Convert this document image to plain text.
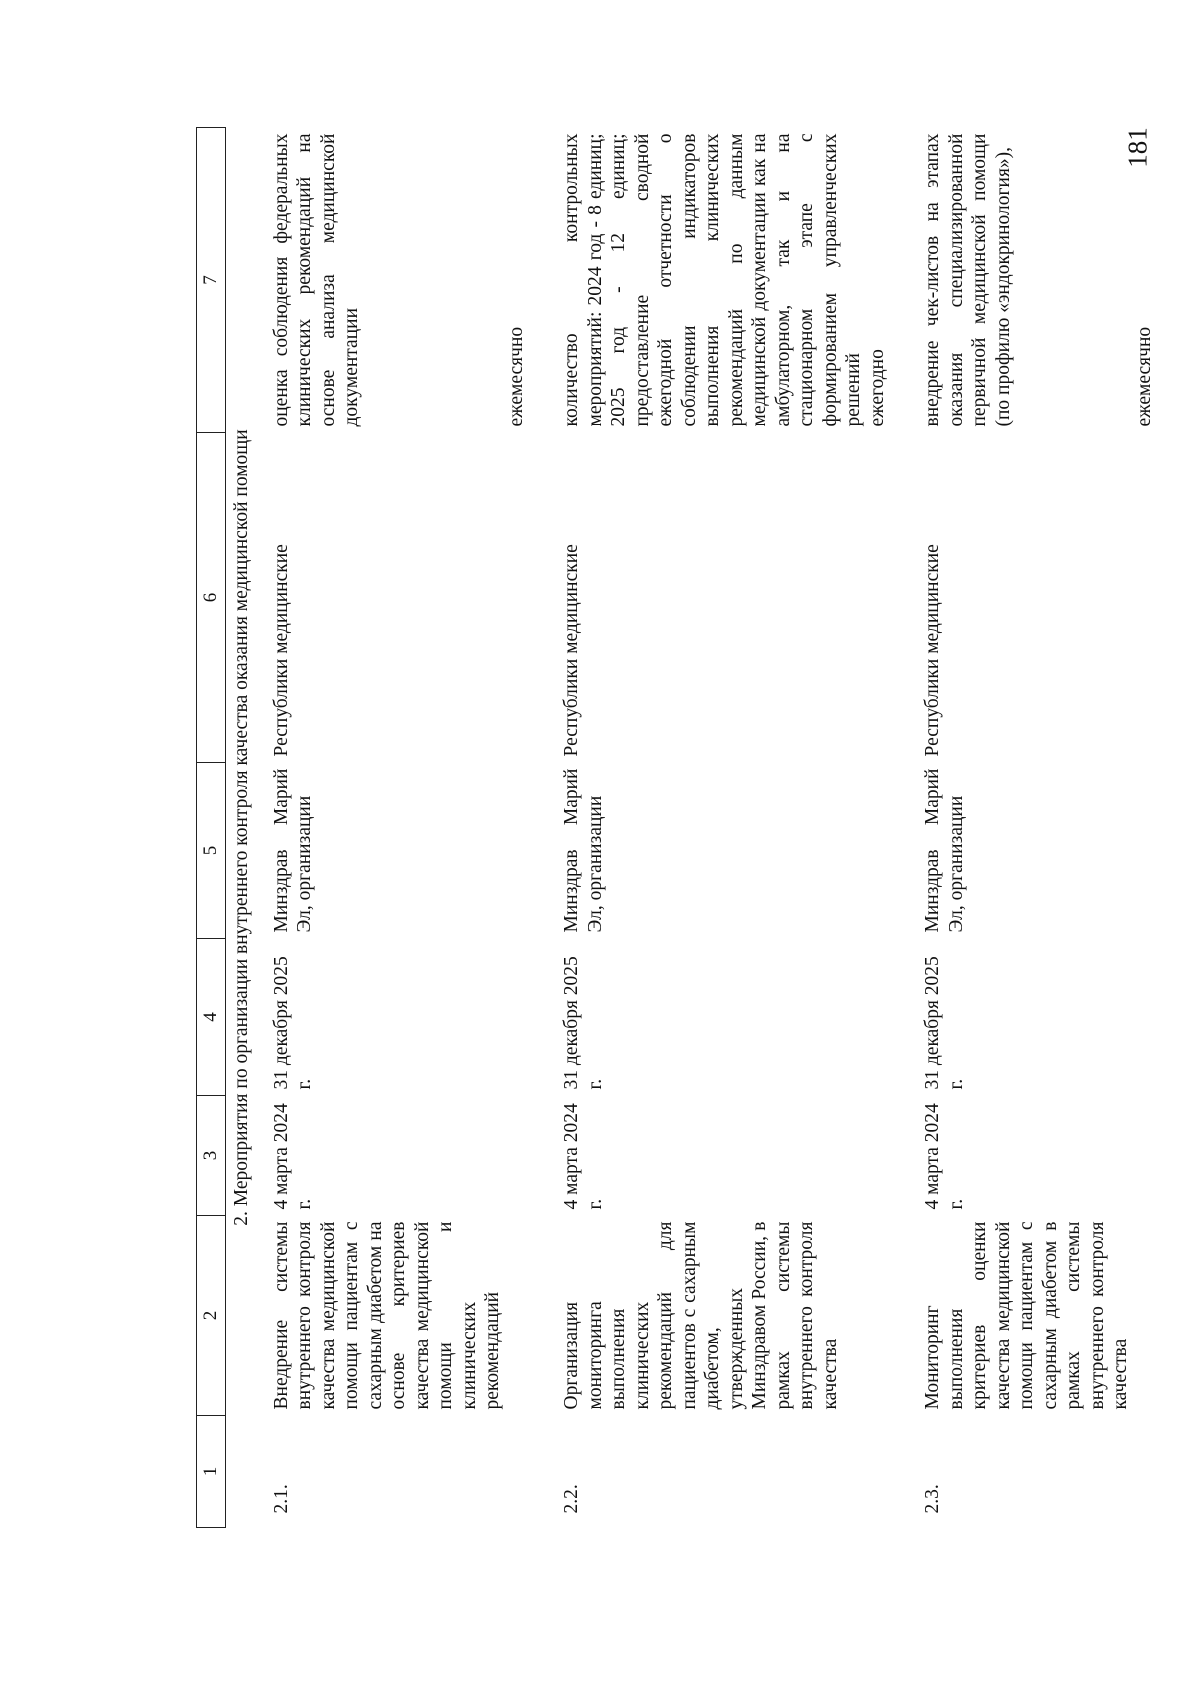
181
1	2	3	4	5	6	7
2. Мероприятия по организации внутреннего контроля качества оказания медицинской помощи						
2.1.	Внедрение системы внутреннего контроля качества медицинской помощи пациентам с сахарным диабетом на основе критериев качества медицинской помощи и клинических рекомендаций	4 марта 2024 г.	31 декабря 2025 г.	Минздрав Марий Эл, организации	Республики медицинские	оценка соблюдения федеральных клинических рекомендаций на основе анализа медицинской документации

						ежемесячно

2.2.	Организация мониторинга выполнения клинических рекомендаций для пациентов с сахарным диабетом, утвержденных Минздравом России, в рамках системы внутреннего контроля качества	4 марта 2024 г.	31 декабря 2025 г.	Минздрав Марий Эл, организации	Республики медицинские	количество контрольных мероприятий: 2024 год - 8 единиц; 2025 год - 12 единиц; предоставление сводной ежегодной отчетности о соблюдении индикаторов выполнения клинических рекомендаций по данным медицинской документации как на амбулаторном, так и на стационарном этапе с формированием управленческих решений

						ежегодно

2.3.	Мониторинг выполнения критериев оценки качества медицинской помощи пациентам с сахарным диабетом в рамках системы внутреннего контроля качества	4 марта 2024 г.	31 декабря 2025 г.	Минздрав Марий Эл, организации	Республики медицинские	внедрение чек-листов на этапах оказания специализированной первичной медицинской помощи (по профилю «эндокринология»),

						ежемесячно
